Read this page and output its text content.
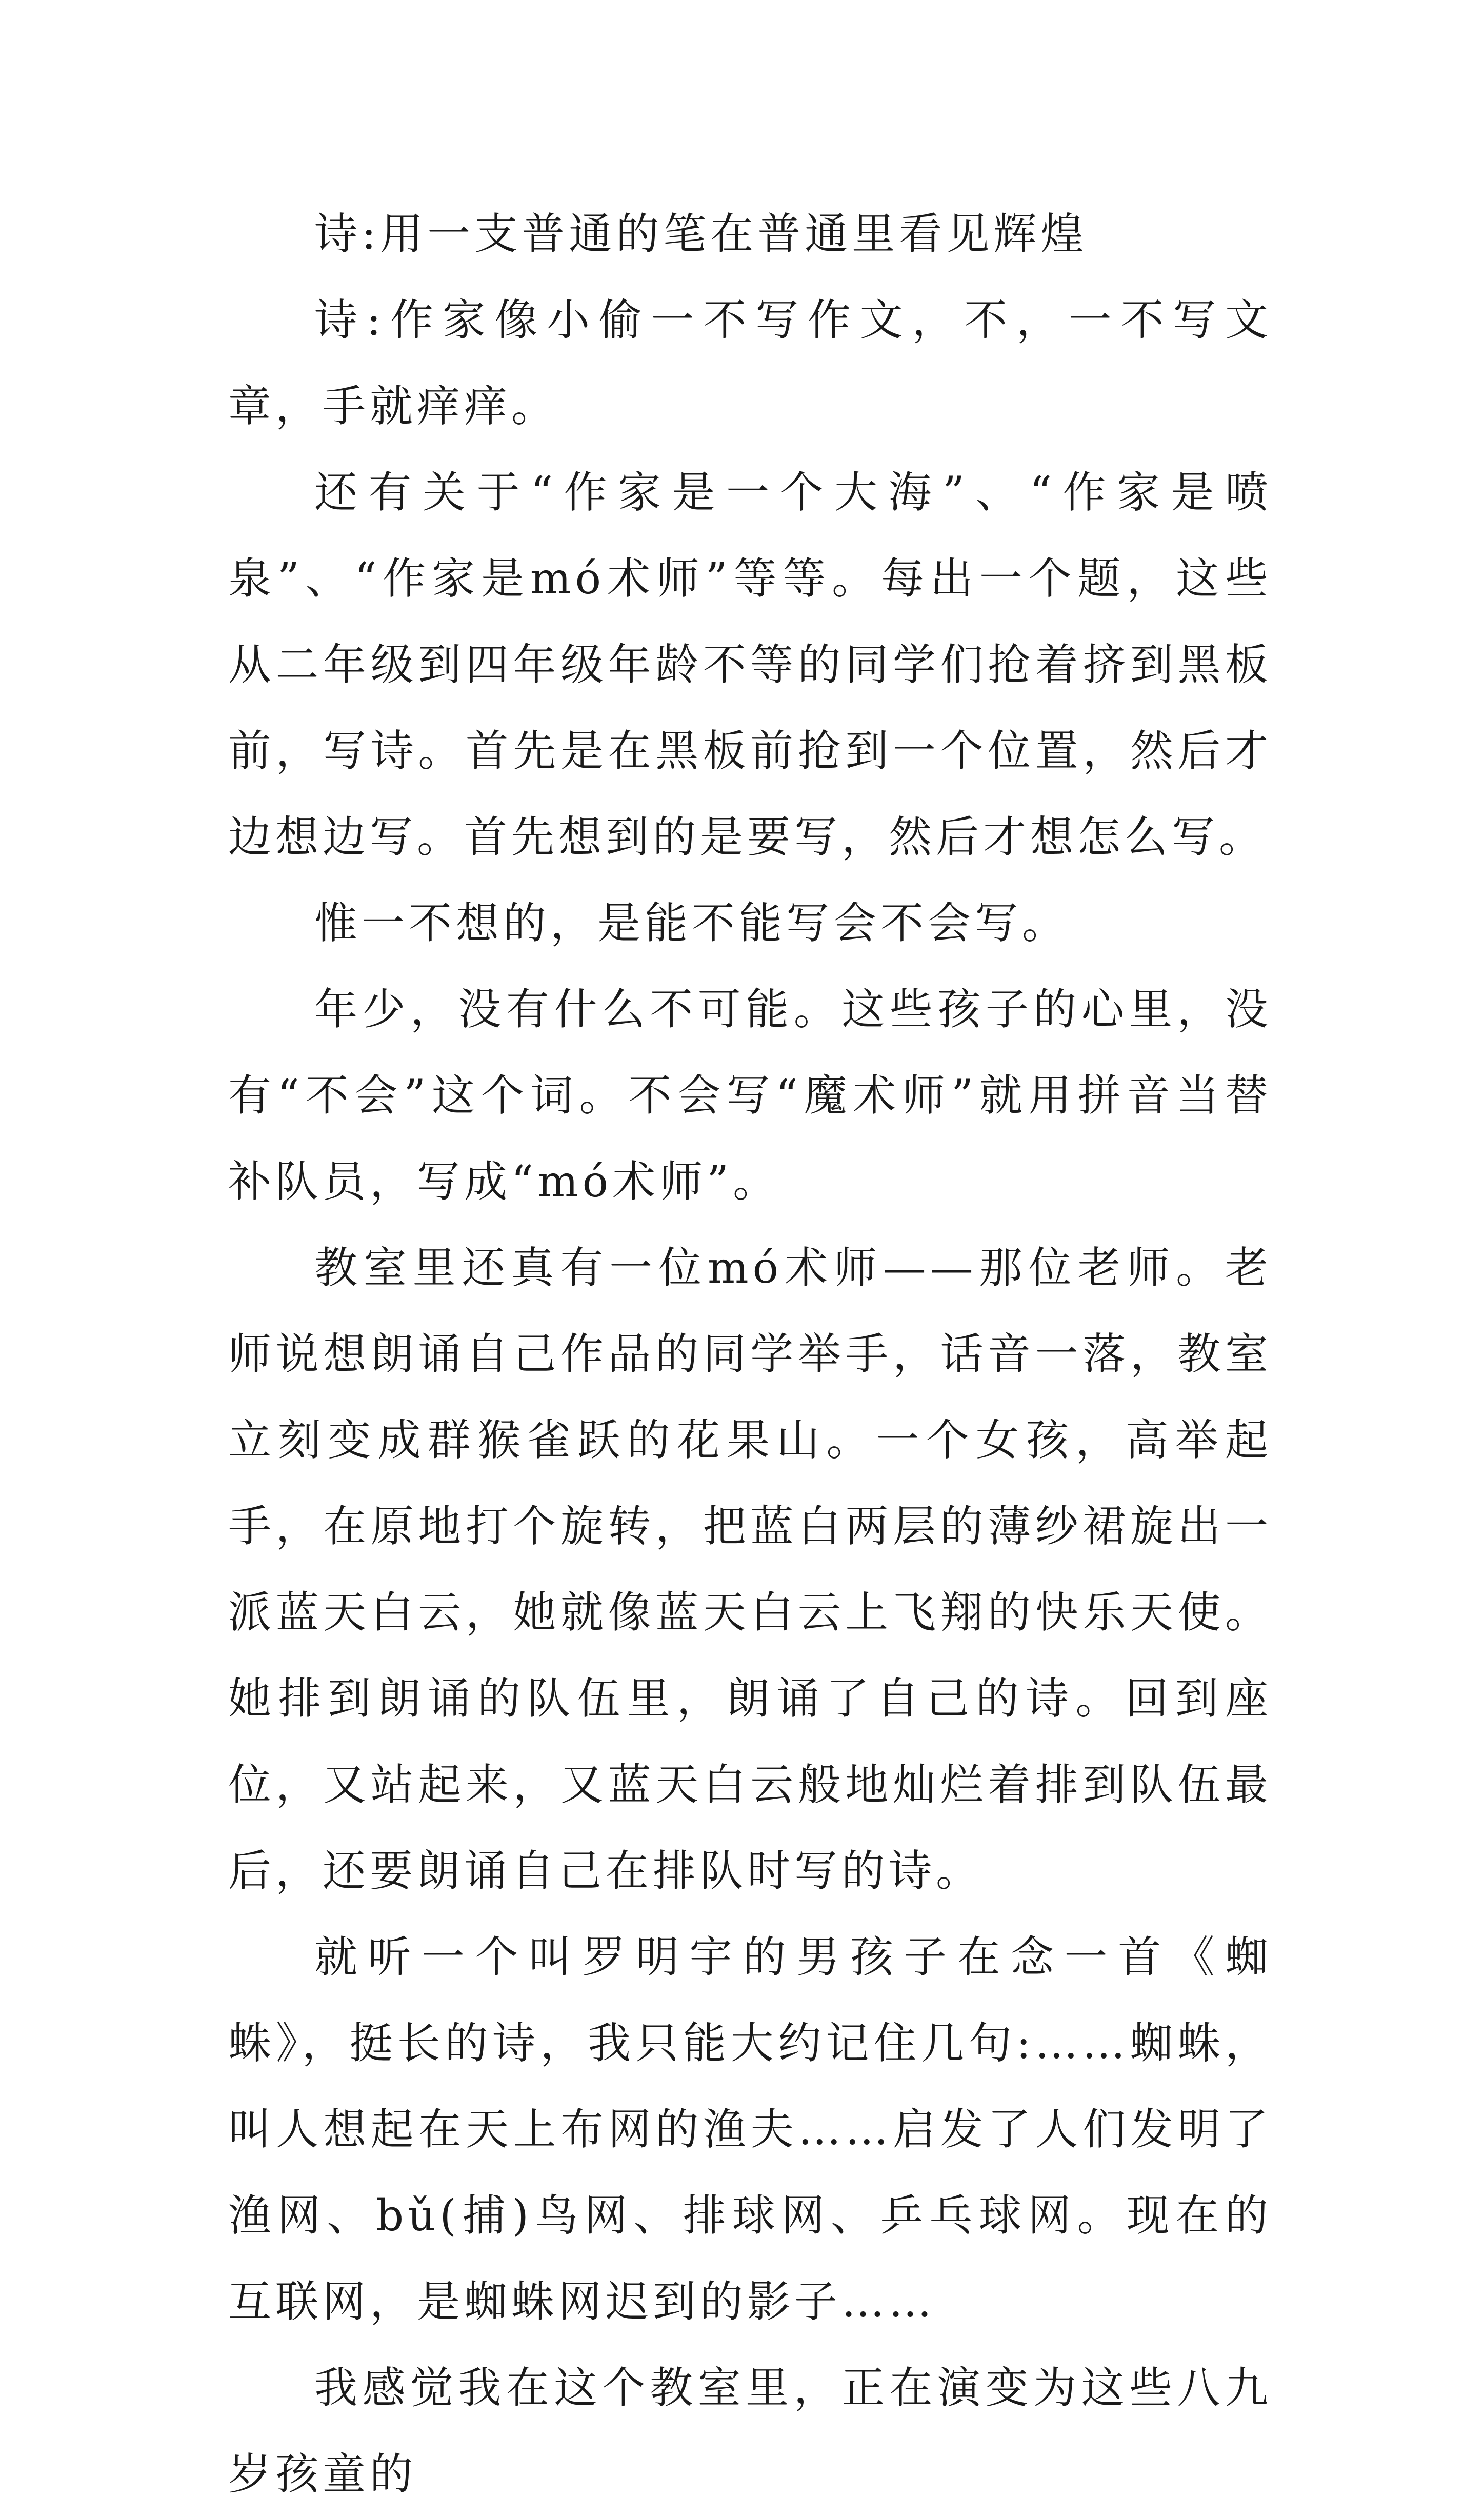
诗:用一支普通的笔在普通里看见辉煌

诗:作家像小偷一不写作文，不，一不写文章，手就痒痒。

还有关于“作家是一个大海”、“作家是喷泉”、“作家是mó术师”等等。每出一个题，这些从二年级到四年级年龄不等的同学们抢着挤到黑板前，写诗。首先是在黑板前抢到一个位置，然后才边想边写。首先想到的是要写，然后才想怎么写。

惟一不想的，是能不能写会不会写。

年少，没有什么不可能。这些孩子的心里，没有“不会”这个词。不会写“魔术师”就用拼音当替补队员，写成“mó术师”。

教室里还真有一位mó术师——那位老师。老师说想朗诵自己作品的同学举手，话音一落，教室立刻变成群猴雀跃的花果山。一个女孩，高举起手，在原地打个旋转，把蓝白两层的薄纱裙旋出一派蓝天白云，她就像蓝天白云上飞翔的快乐天使。她排到朗诵的队伍里，朗诵了自己的诗。回到座位，又站起来，又蓝天白云般地灿烂着排到队伍最后，还要朗诵自己在排队时写的诗。

就听一个叫罗明宇的男孩子在念一首《蜘蛛》，挺长的诗，我只能大约记住几句:……蜘蛛，叫人想起在天上布网的渔夫……启发了人们发明了渔网、bǔ(捕)鸟网、排球网、乒乓球网。现在的互联网，是蜘蛛网迟到的影子……

我感觉我在这个教室里，正在演变为这些八九岁孩童的
